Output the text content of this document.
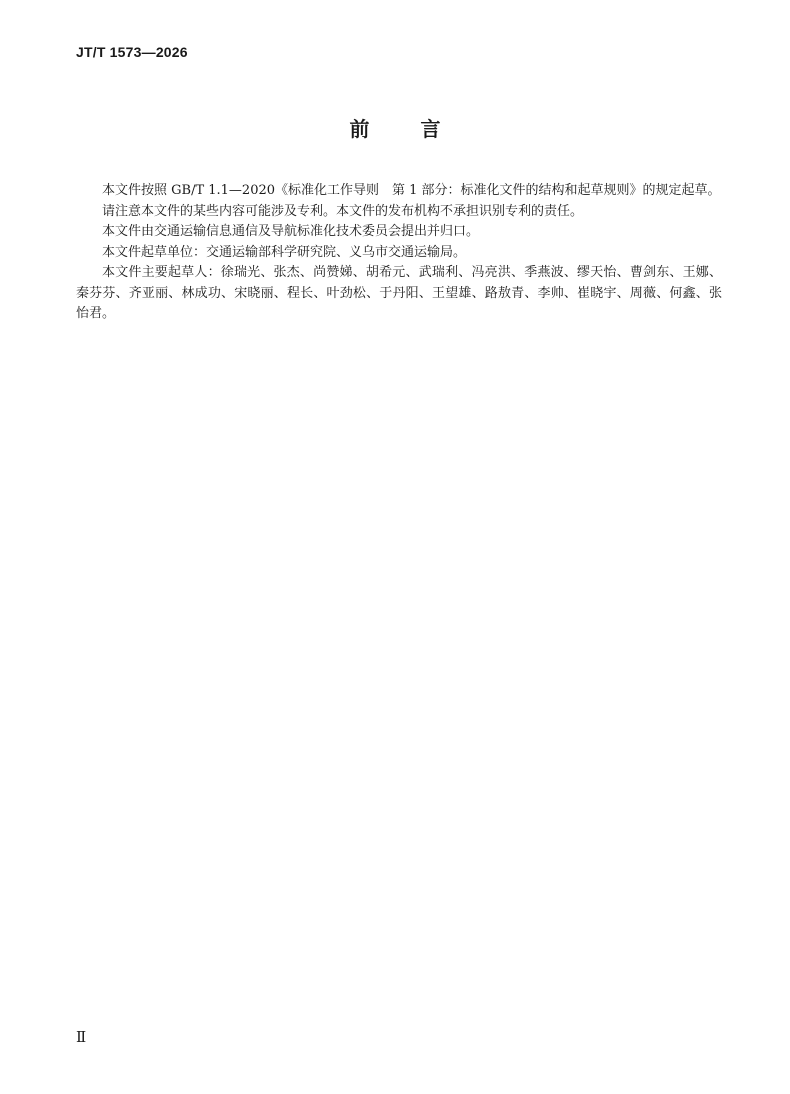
JT/T 1573—2026
前 言

本文件按照 GB/T 1.1—2020《标准化工作导则　第 1 部分：标准化文件的结构和起草规则》的规定起草。

请注意本文件的某些内容可能涉及专利。本文件的发布机构不承担识别专利的责任。

本文件由交通运输信息通信及导航标准化技术委员会提出并归口。

本文件起草单位：交通运输部科学研究院、义乌市交通运输局。

本文件主要起草人：徐瑞光、张杰、尚赞娣、胡希元、武瑞利、冯亮洪、季燕波、缪天怡、曹剑东、王娜、秦芬芬、齐亚丽、林成功、宋晓丽、程长、叶劲松、于丹阳、王望雄、路敖青、李帅、崔晓宇、周薇、何鑫、张怡君。

Ⅱ
